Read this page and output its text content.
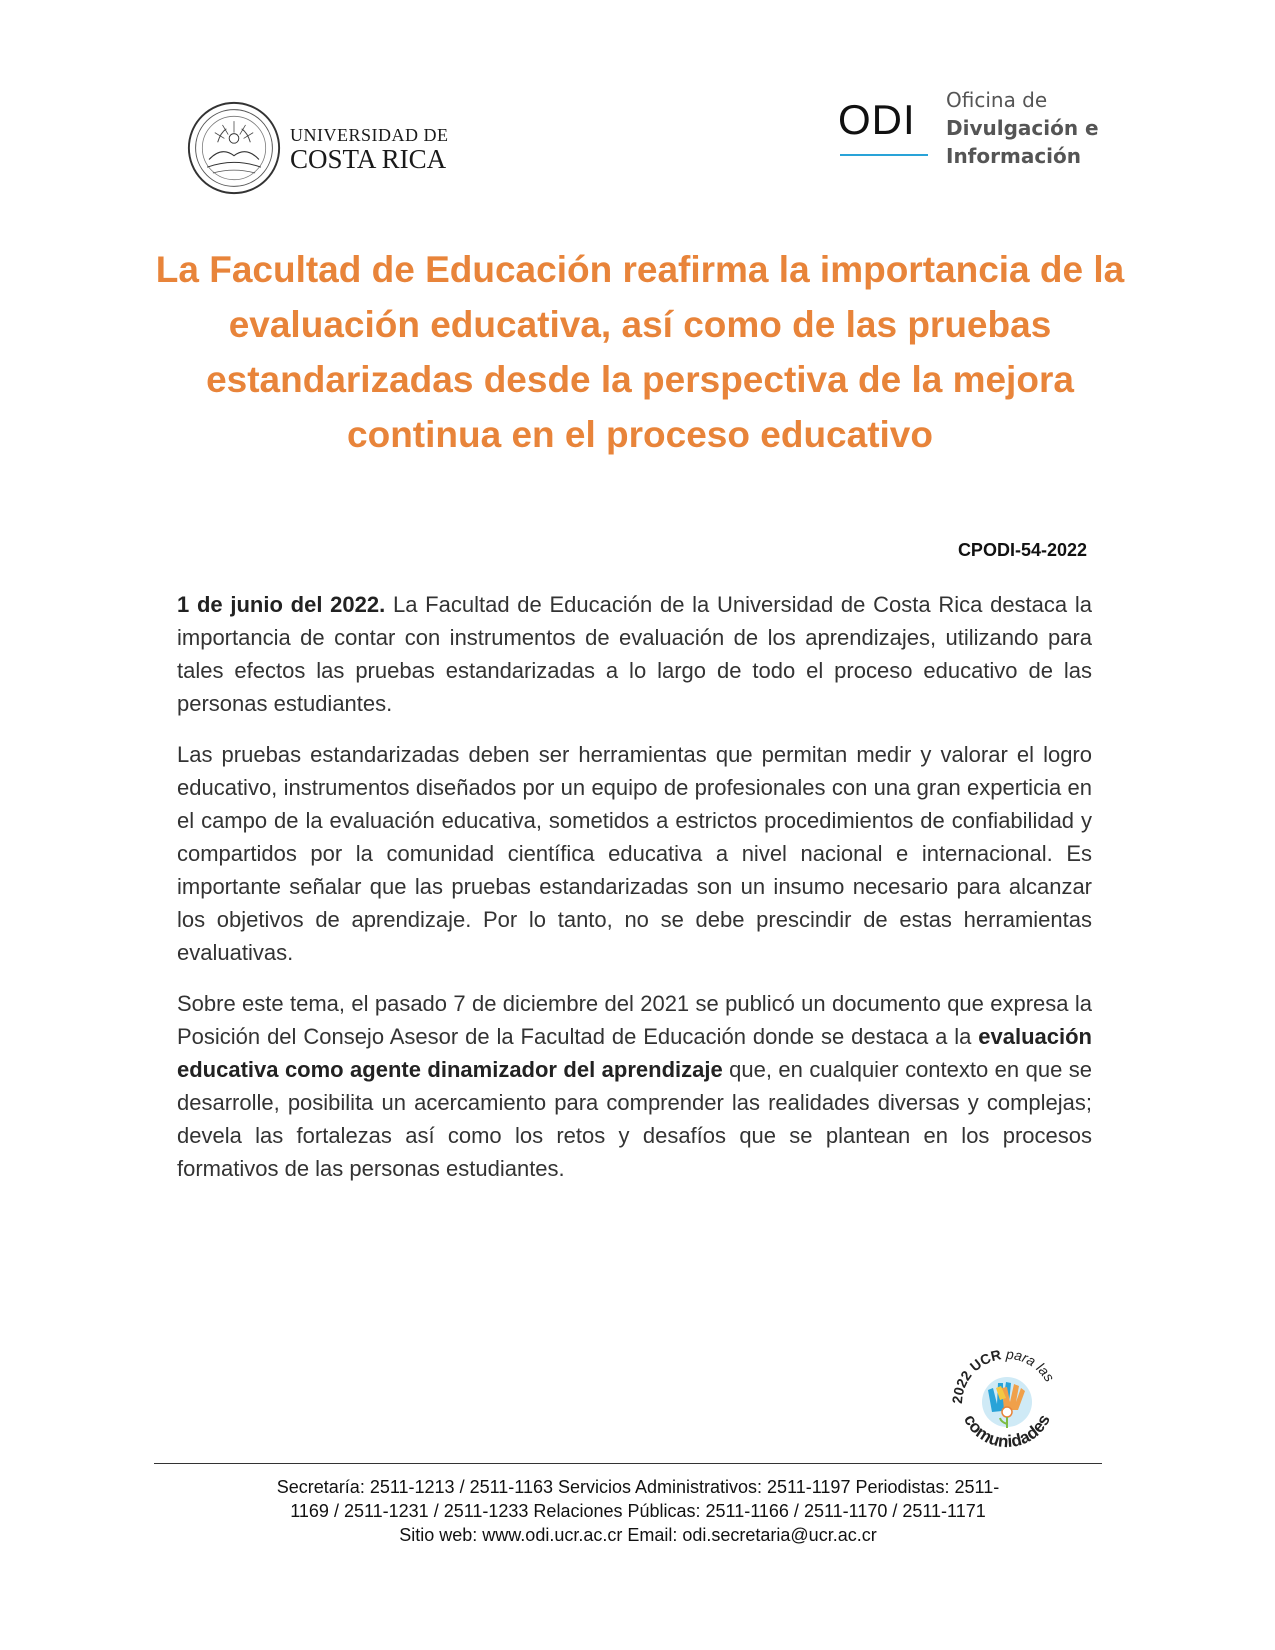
UNIVERSIDAD DE
COSTA RICA
ODI Oficina de
Divulgación e
Información
La Facultad de Educación reafirma la importancia de la evaluación educativa, así como de las pruebas estandarizadas desde la perspectiva de la mejora continua en el proceso educativo
CPODI-54-2022

1 de junio del 2022. La Facultad de Educación de la Universidad de Costa Rica destaca la importancia de contar con instrumentos de evaluación de los aprendizajes, utilizando para tales efectos las pruebas estandarizadas a lo largo de todo el proceso educativo de las personas estudiantes.

Las pruebas estandarizadas deben ser herramientas que permitan medir y valorar el logro educativo, instrumentos diseñados por un equipo de profesionales con una gran experticia en el campo de la evaluación educativa, sometidos a estrictos procedimientos de confiabilidad y compartidos por la comunidad científica educativa a nivel nacional e internacional. Es importante señalar que las pruebas estandarizadas son un insumo necesario para alcanzar los objetivos de aprendizaje. Por lo tanto, no se debe prescindir de estas herramientas evaluativas.

Sobre este tema, el pasado 7 de diciembre del 2021 se publicó un documento que expresa la Posición del Consejo Asesor de la Facultad de Educación donde se destaca a la evaluación educativa como agente dinamizador del aprendizaje que, en cualquier contexto en que se desarrolle, posibilita un acercamiento para comprender las realidades diversas y complejas; devela las fortalezas así como los retos y desafíos que se plantean en los procesos formativos de las personas estudiantes.

2022 UCR para las
comunidades
Secretaría: 2511-1213 / 2511-1163 Servicios Administrativos: 2511-1197 Periodistas: 2511-
1169 / 2511-1231 / 2511-1233 Relaciones Públicas: 2511-1166 / 2511-1170 / 2511-1171
Sitio web: www.odi.ucr.ac.cr Email: odi.secretaria@ucr.ac.cr
